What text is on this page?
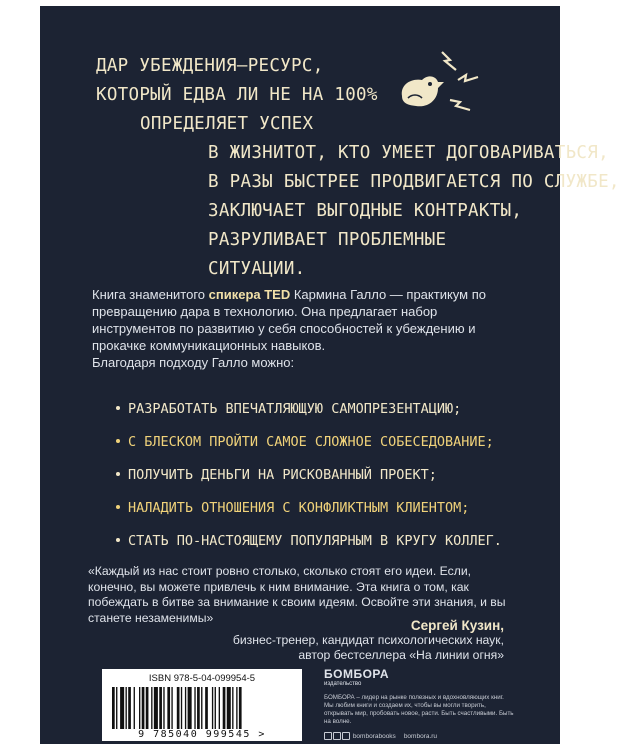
ДАР УБЕЖДЕНИЯ—РЕСУРС,
КОТОРЫЙ ЕДВА ЛИ НЕ НА 100%
ОПРЕДЕЛЯЕТ УСПЕХ
В ЖИЗНИТОТ, КТО УМЕЕТ ДОГОВАРИВАТЬСЯ,
В РАЗЫ БЫСТРЕЕ ПРОДВИГАЕТСЯ ПО СЛУЖБЕ,
ЗАКЛЮЧАЕТ ВЫГОДНЫЕ КОНТРАКТЫ,
РАЗРУЛИВАЕТ ПРОБЛЕМНЫЕ
СИТУАЦИИ.
Книга знаменитого спикера TED Кармина Галло — практикум по превращению дара в технологию. Она предлагает набор инструментов по развитию у себя способностей к убеждению и прокачке коммуникационных навыков.
Благодаря подходу Галло можно:
РАЗРАБОТАТЬ ВПЕЧАТЛЯЮЩУЮ САМОПРЕЗЕНТАЦИЮ;
С БЛЕСКОМ ПРОЙТИ САМОЕ СЛОЖНОЕ СОБЕСЕДОВАНИЕ;
ПОЛУЧИТЬ ДЕНЬГИ НА РИСКОВАННЫЙ ПРОЕКТ;
НАЛАДИТЬ ОТНОШЕНИЯ С КОНФЛИКТНЫМ КЛИЕНТОМ;
СТАТЬ ПО-НАСТОЯЩЕМУ ПОПУЛЯРНЫМ В КРУГУ КОЛЛЕГ.
«Каждый из нас стоит ровно столько, сколько стоят его идеи. Если, конечно, вы можете привлечь к ним внимание. Эта книга о том, как побеждать в битве за внимание к своим идеям. Освойте эти знания, и вы станете незаменимы»
Сергей Кузин,
бизнес-тренер, кандидат психологических наук,
автор бестселлера «На линии огня»
ISBN 978-5-04-099954-5
9 785040 999545 >
БОМБОРА
издательство
БОМБОРА – лидер на рынке полезных и вдохновляющих книг. Мы любим книги и создаем их, чтобы вы могли творить, открывать мир, пробовать новое, расти. Быть счастливыми. Быть на волне.
bomborabooks bombora.ru
